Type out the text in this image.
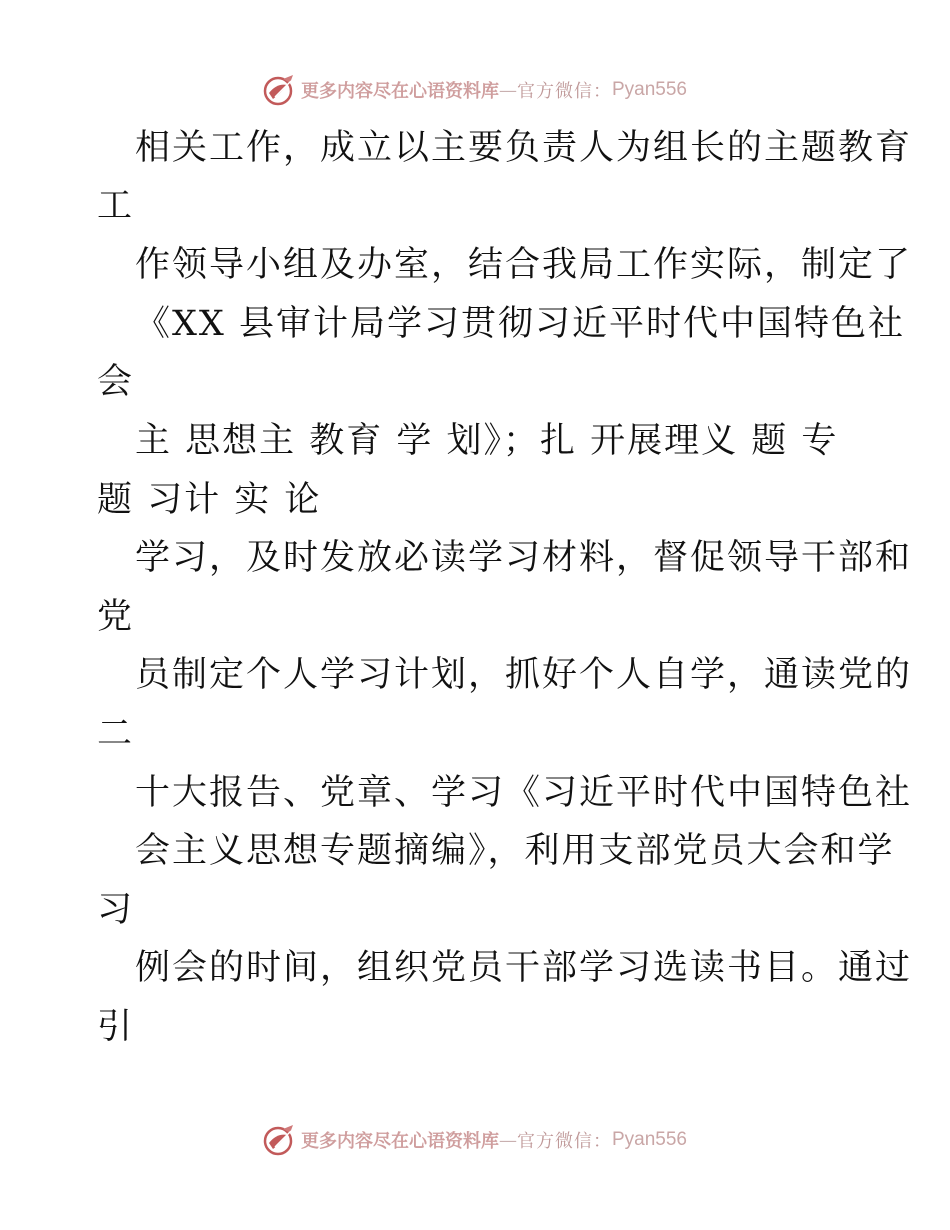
更多内容尽在心语资料库 — 官方微信： Pyan556
相关工作，成立以主要负责人为组长的主题教育
工
作领导小组及办室，结合我局工作实际，制定了
《XX 县审计局学习贯彻习近平时代中国特色社
会
主 思想主 教育 学 划》；扎 开展理义 题 专
题 习计 实 论
学习，及时发放必读学习材料，督促领导干部和
党
员制定个人学习计划，抓好个人自学，通读党的
二
十大报告、党章、学习《习近平时代中国特色社
会主义思想专题摘编》，利用支部党员大会和学
习
例会的时间，组织党员干部学习选读书目。通过
引
更多内容尽在心语资料库 — 官方微信： Pyan556
